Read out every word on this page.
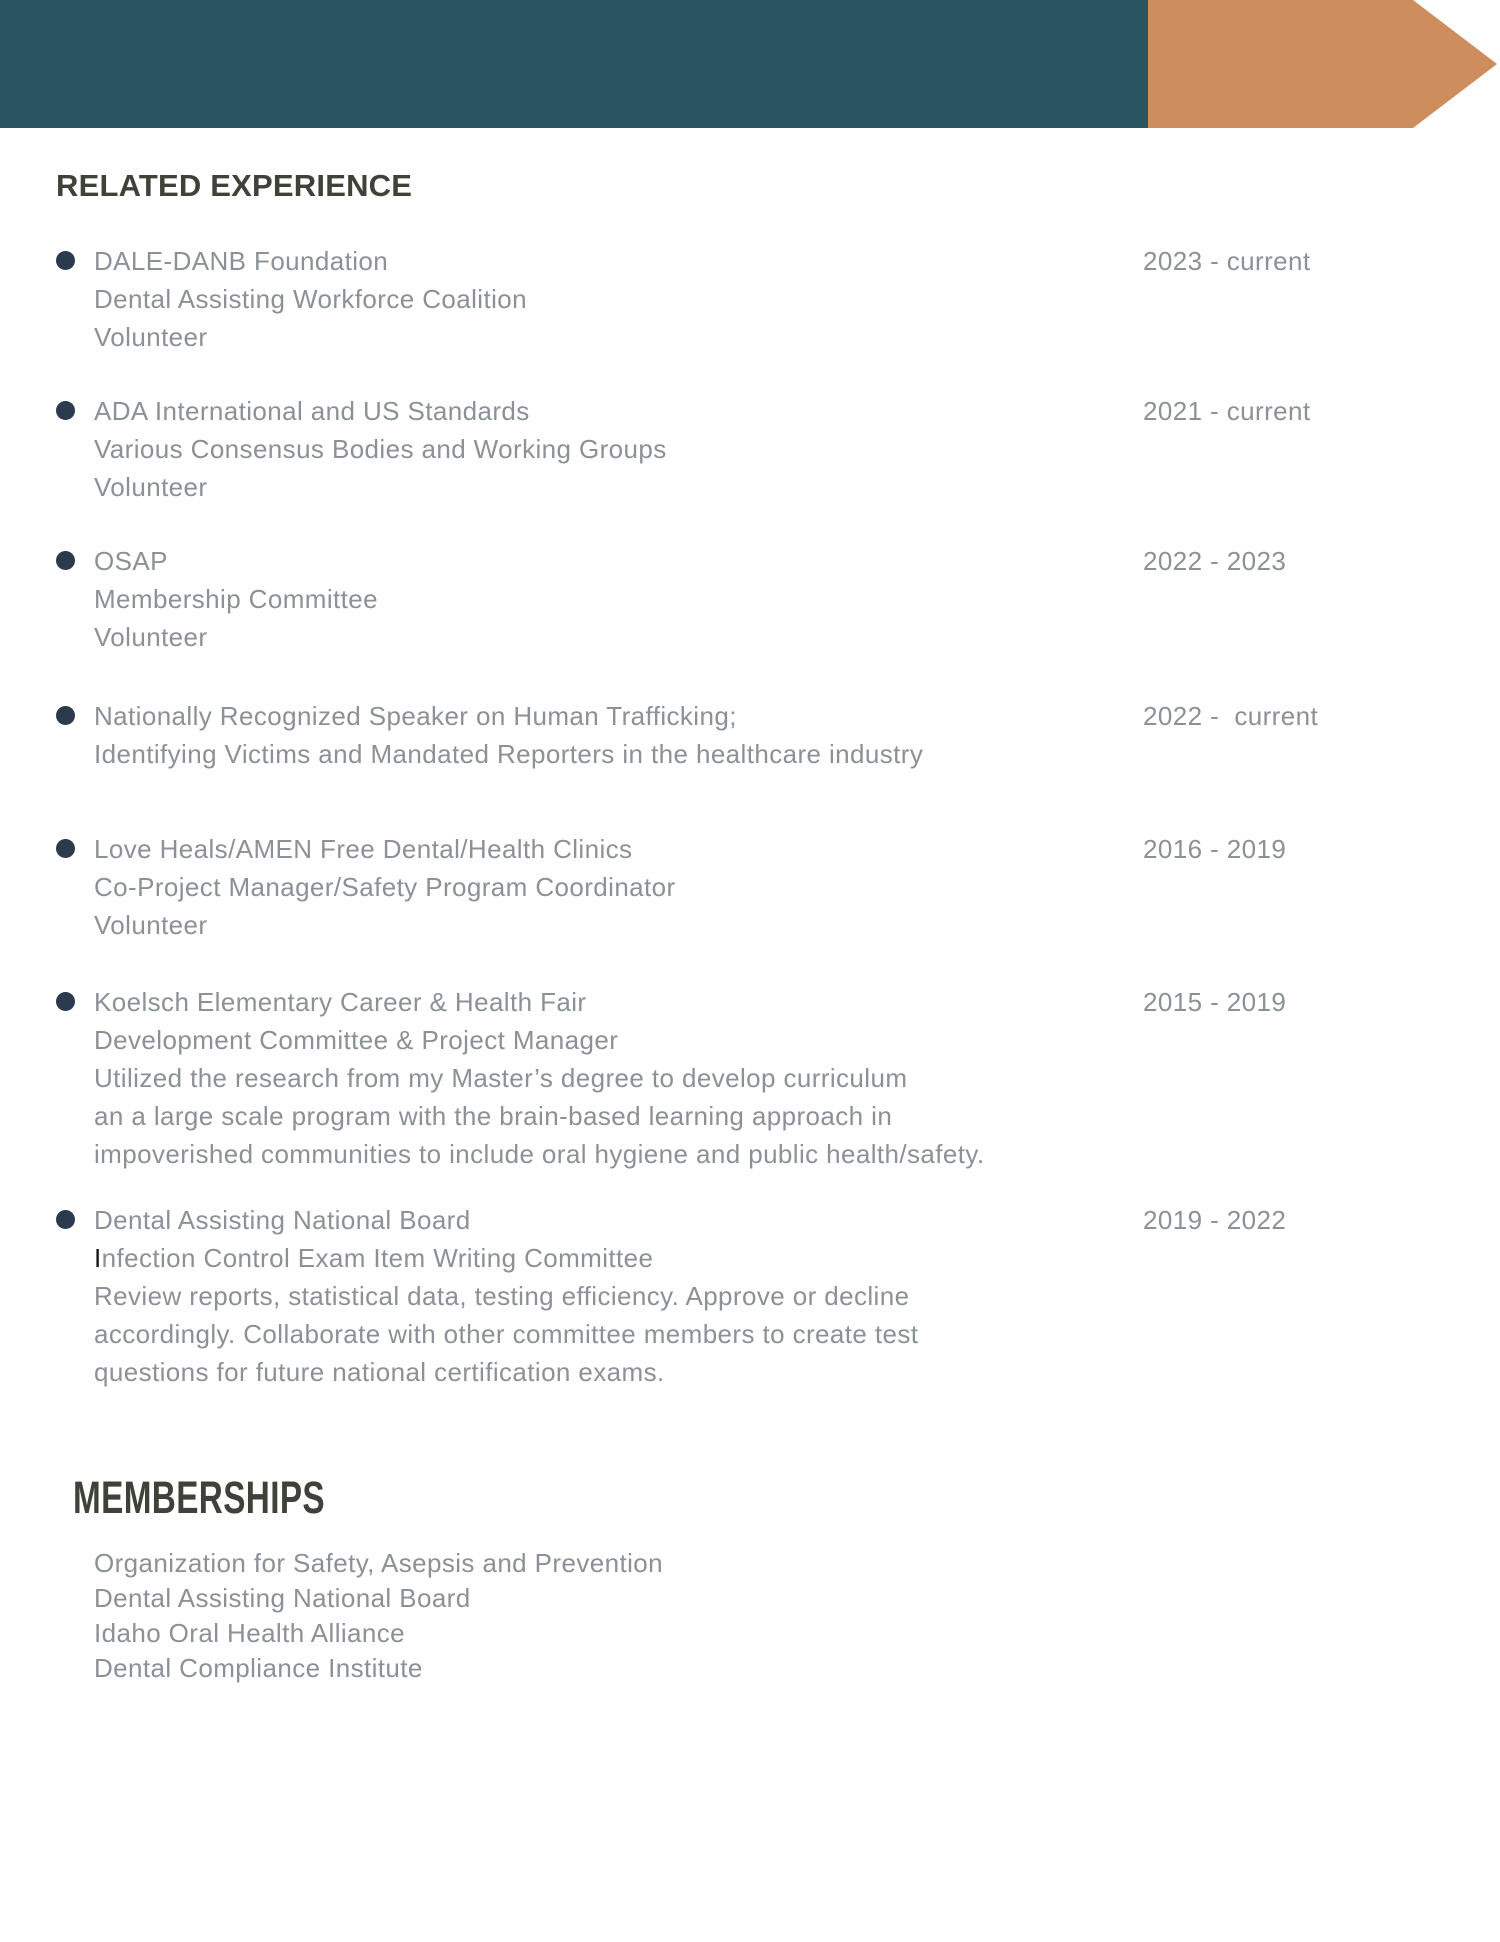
RELATED EXPERIENCE
DALE-DANB Foundation
Dental Assisting Workforce Coalition
Volunteer
2023 - current
ADA International and US Standards
Various Consensus Bodies and Working Groups
Volunteer
2021 - current
OSAP
Membership Committee
Volunteer
2022 - 2023
Nationally Recognized Speaker on Human Trafficking;
Identifying Victims and Mandated Reporters in the healthcare industry
2022 -  current
Love Heals/AMEN Free Dental/Health Clinics
Co-Project Manager/Safety Program Coordinator
Volunteer
2016 - 2019
Koelsch Elementary Career & Health Fair
Development Committee & Project Manager
Utilized the research from my Master’s degree to develop curriculum
an a large scale program with the brain-based learning approach in
impoverished communities to include oral hygiene and public health/safety.
2015 - 2019
Dental Assisting National Board
Infection Control Exam Item Writing Committee
Review reports, statistical data, testing efficiency. Approve or decline
accordingly. Collaborate with other committee members to create test
questions for future national certification exams.
2019 - 2022
MEMBERSHIPS
Organization for Safety, Asepsis and Prevention
Dental Assisting National Board
Idaho Oral Health Alliance
Dental Compliance Institute
